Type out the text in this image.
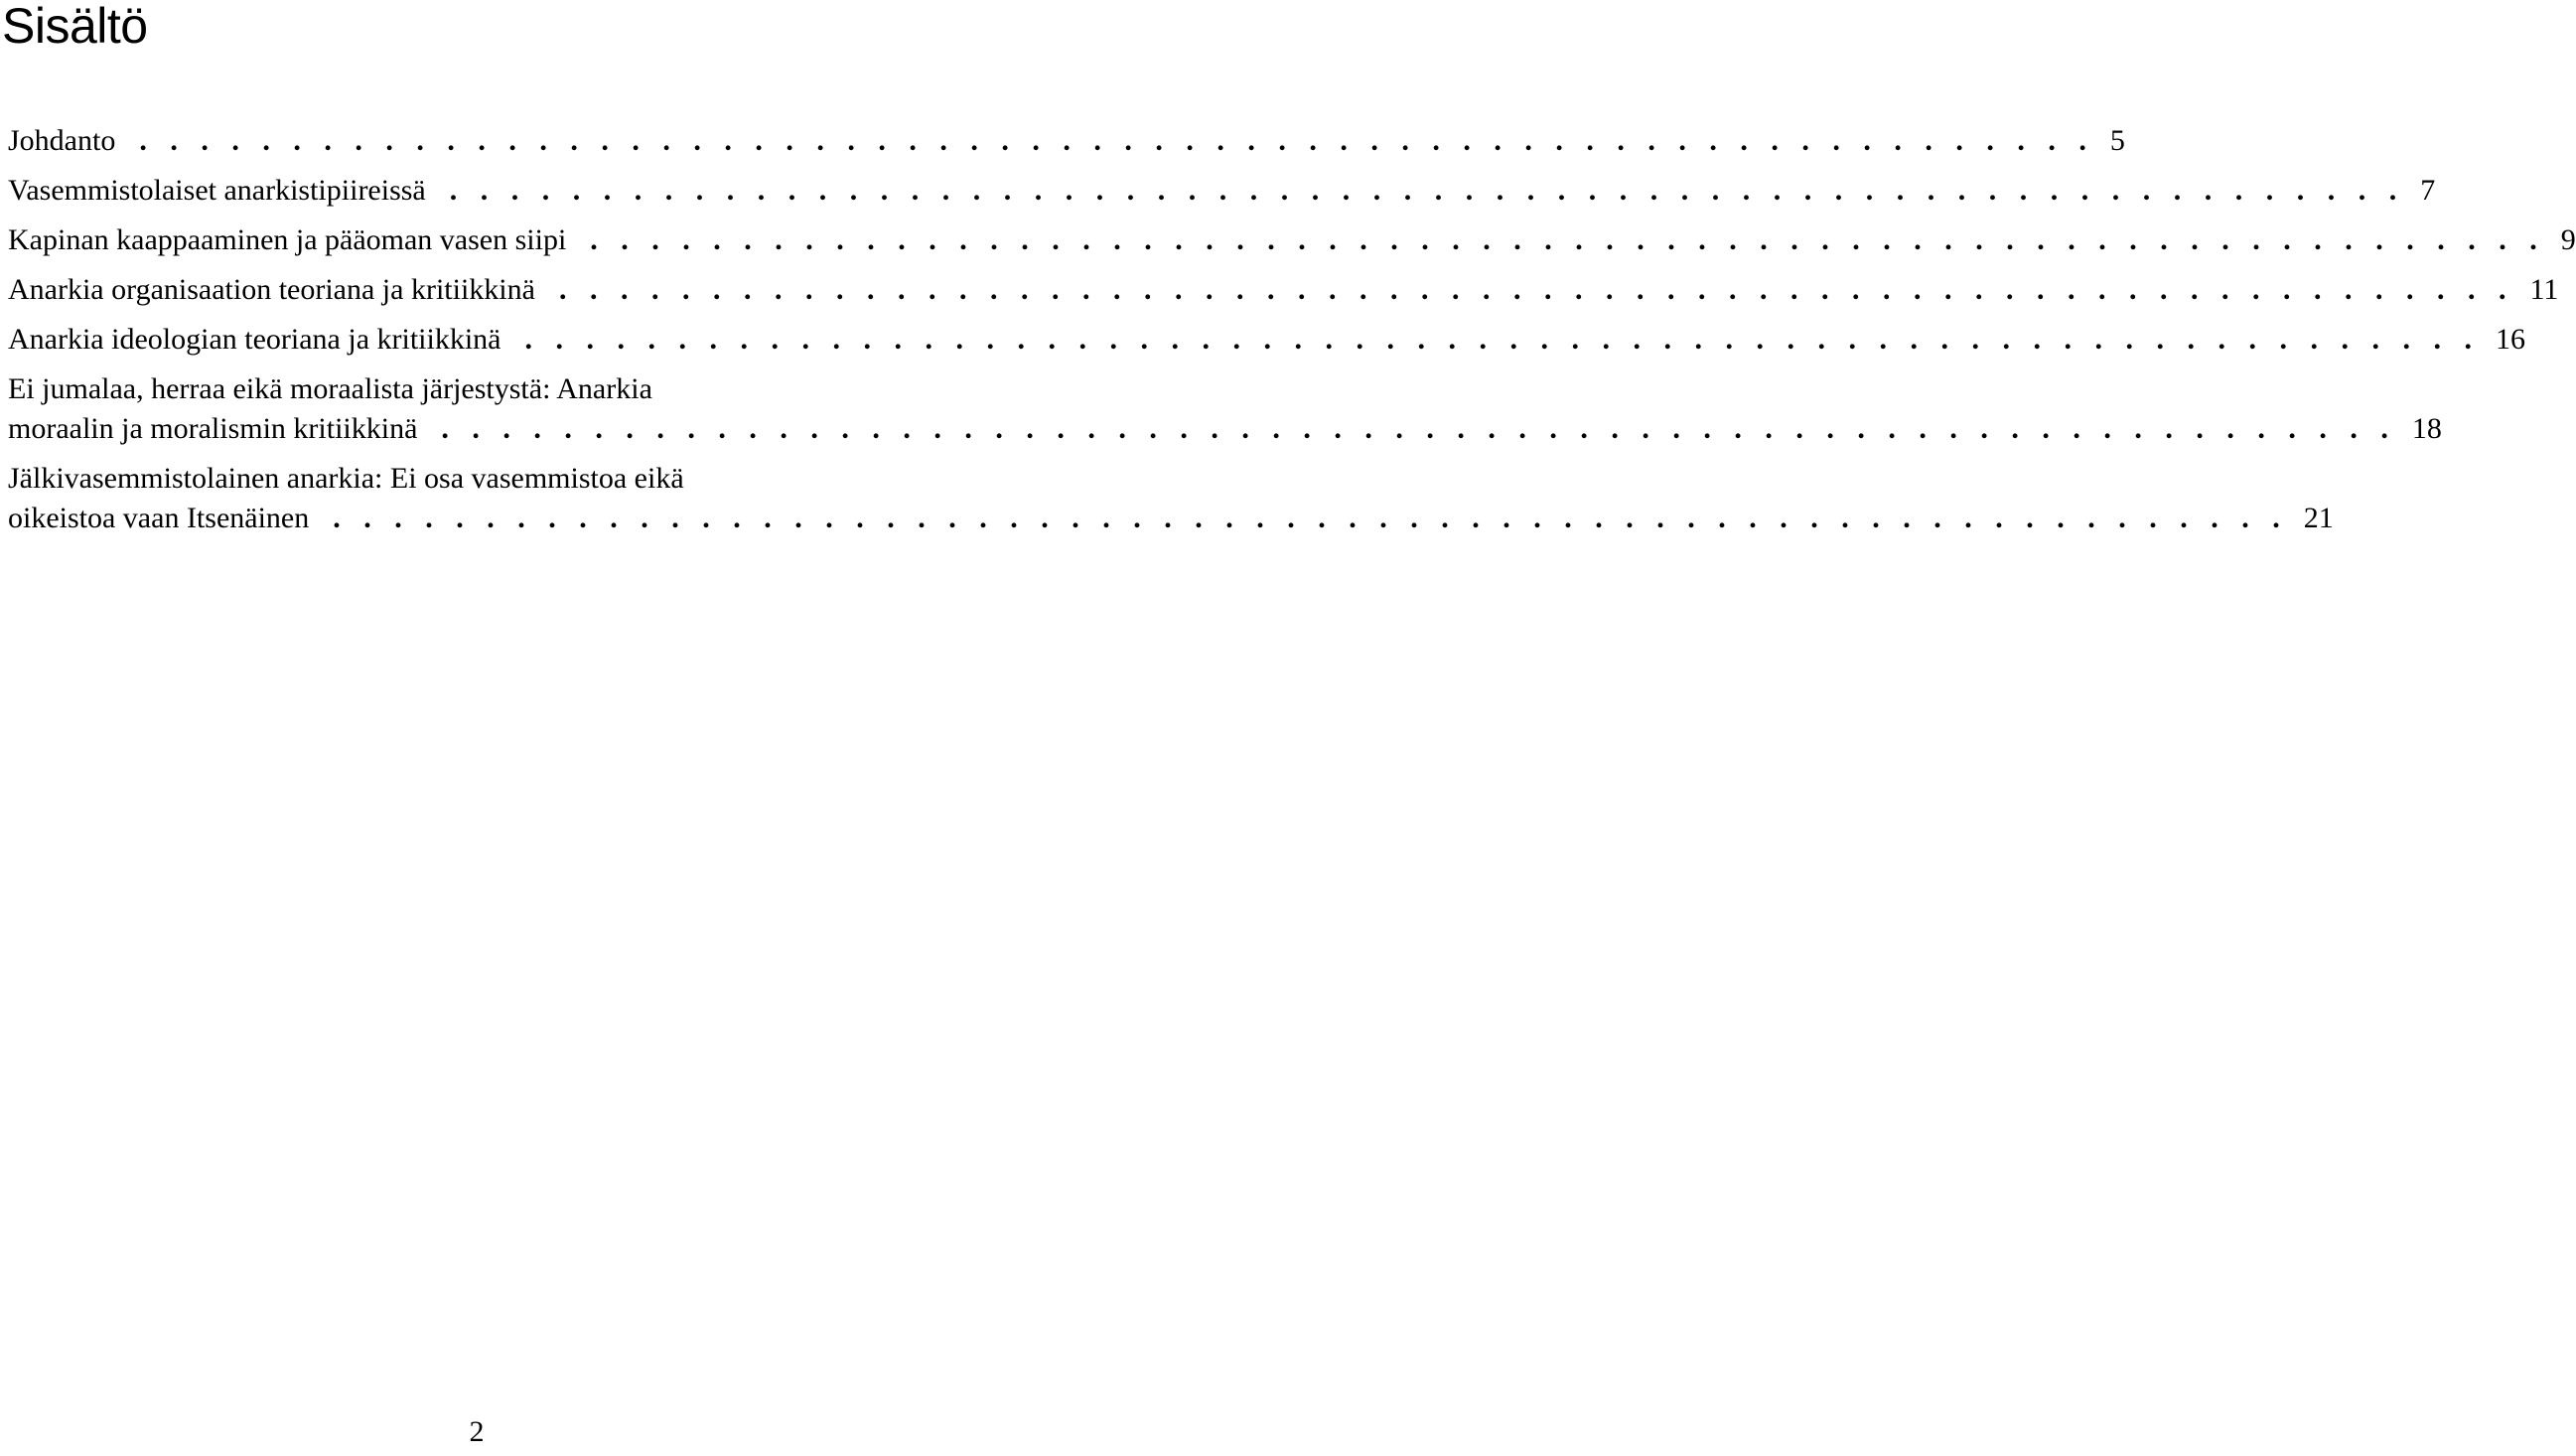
Sisältö
Johdanto . . . . . . . . . . . . . . . . . . . . . . . . . . . . . . . . . . . . . . . . . . . . . . . . . . . . . . . . . . . . . . . . 5
Vasemmistolaiset anarkistipiireissä . . . . . . . . . . . . . . . . . . . . . . . . . . . . . . . . . . . . . . . . . . . . . . . . . . . . . . . . . . . . . . . . 7
Kapinan kaappaaminen ja pääoman vasen siipi . . . . . . . . . . . . . . . . . . . . . . . . . . . . . . . . . . . . . . . . . . . . . . . . . . . . . . . . . . . . . . . . 9
Anarkia organisaation teoriana ja kritiikkinä . . . . . . . . . . . . . . . . . . . . . . . . . . . . . . . . . . . . . . . . . . . . . . . . . . . . . . . . . . . . . . . . 11
Anarkia ideologian teoriana ja kritiikkinä . . . . . . . . . . . . . . . . . . . . . . . . . . . . . . . . . . . . . . . . . . . . . . . . . . . . . . . . . . . . . . . . 16
Ei jumalaa, herraa eikä moraalista järjestystä: Anarkia
moraalin ja moralismin kritiikkinä . . . . . . . . . . . . . . . . . . . . . . . . . . . . . . . . . . . . . . . . . . . . . . . . . . . . . . . . . . . . . . . . 18
Jälkivasemmistolainen anarkia: Ei osa vasemmistoa eikä
oikeistoa vaan Itsenäinen . . . . . . . . . . . . . . . . . . . . . . . . . . . . . . . . . . . . . . . . . . . . . . . . . . . . . . . . . . . . . . . . 21
2
